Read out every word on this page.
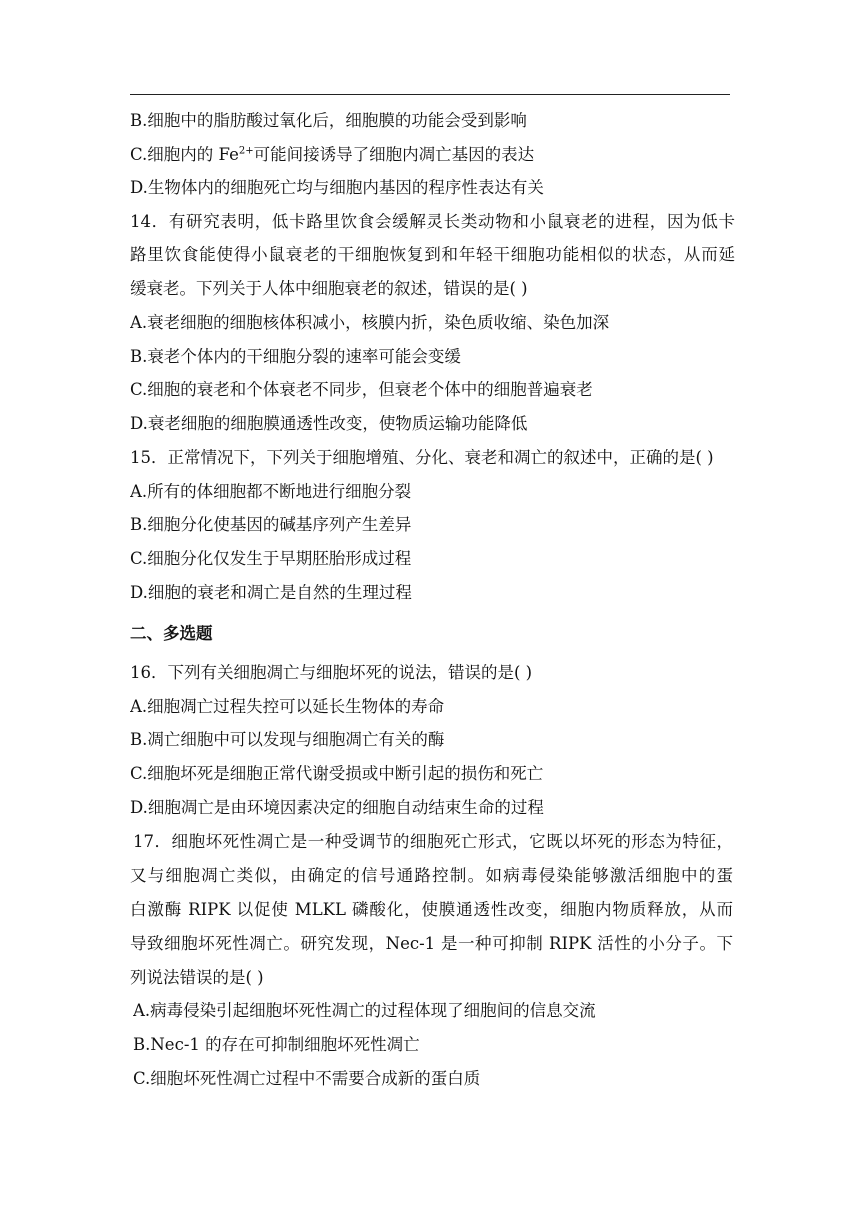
B.细胞中的脂肪酸过氧化后，细胞膜的功能会受到影响
C.细胞内的 $Fe^{2+}$可能间接诱导了细胞内凋亡基因的表达
D.生物体内的细胞死亡均与细胞内基因的程序性表达有关
14．有研究表明，低卡路里饮食会缓解灵长类动物和小鼠衰老的进程，因为低卡
路里饮食能使得小鼠衰老的干细胞恢复到和年轻干细胞功能相似的状态，从而延
缓衰老。下列关于人体中细胞衰老的叙述，错误的是( )
A.衰老细胞的细胞核体积减小，核膜内折，染色质收缩、染色加深
B.衰老个体内的干细胞分裂的速率可能会变缓
C.细胞的衰老和个体衰老不同步，但衰老个体中的细胞普遍衰老
D.衰老细胞的细胞膜通透性改变，使物质运输功能降低
15．正常情况下，下列关于细胞增殖、分化、衰老和凋亡的叙述中，正确的是( )
A.所有的体细胞都不断地进行细胞分裂
B.细胞分化使基因的碱基序列产生差异
C.细胞分化仅发生于早期胚胎形成过程
D.细胞的衰老和凋亡是自然的生理过程
二、多选题
16．下列有关细胞凋亡与细胞坏死的说法，错误的是( )
A.细胞凋亡过程失控可以延长生物体的寿命
B.凋亡细胞中可以发现与细胞凋亡有关的酶
C.细胞坏死是细胞正常代谢受损或中断引起的损伤和死亡
D.细胞凋亡是由环境因素决定的细胞自动结束生命的过程
17．细胞坏死性凋亡是一种受调节的细胞死亡形式，它既以坏死的形态为特征，
又与细胞凋亡类似，由确定的信号通路控制。如病毒侵染能够激活细胞中的蛋
白激酶 RIPK 以促使 MLKL 磷酸化，使膜通透性改变，细胞内物质释放，从而
导致细胞坏死性凋亡。研究发现，Nec-1 是一种可抑制 RIPK 活性的小分子。下
列说法错误的是( )
A.病毒侵染引起细胞坏死性凋亡的过程体现了细胞间的信息交流
B.Nec-1 的存在可抑制细胞坏死性凋亡
C.细胞坏死性凋亡过程中不需要合成新的蛋白质
